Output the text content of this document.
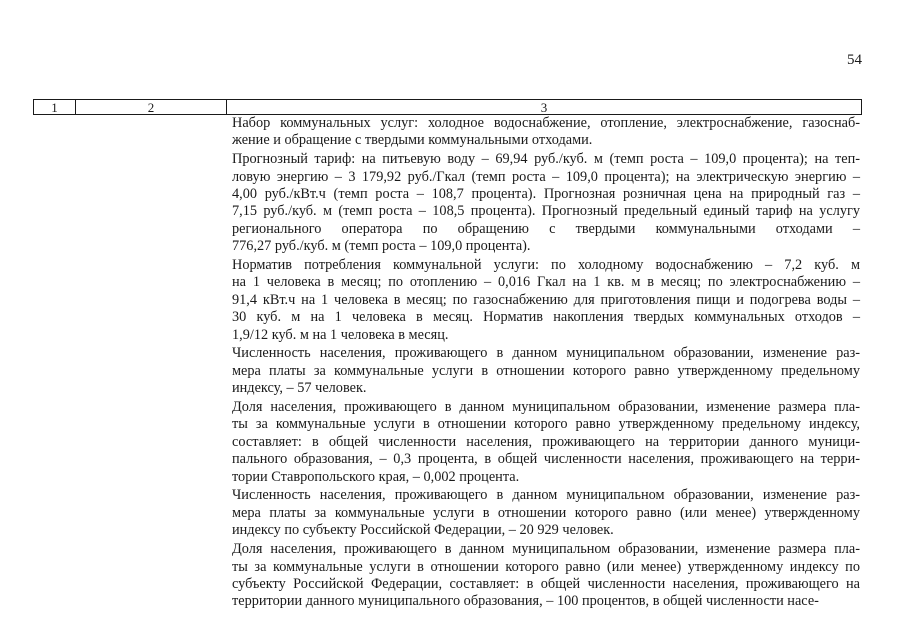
54
1	2	3
Набор коммунальных услуг: холодное водоснабжение, отопление, электроснабжение, газоснаб-
жение и обращение с твердыми коммунальными отходами.
Прогнозный тариф: на питьевую воду – 69,94 руб./куб. м (темп роста – 109,0 процента); на теп-
ловую энергию – 3 179,92 руб./Гкал (темп роста – 109,0 процента); на электрическую энергию –
4,00 руб./кВт.ч (темп роста – 108,7 процента). Прогнозная розничная цена на природный газ –
7,15 руб./куб. м (темп роста – 108,5 процента). Прогнозный предельный единый тариф на услугу
регионального оператора по обращению с твердыми коммунальными отходами –
776,27 руб./куб. м (темп роста – 109,0 процента).
Норматив потребления коммунальной услуги: по холодному водоснабжению – 7,2 куб. м
на 1 человека в месяц; по отоплению – 0,016 Гкал на 1 кв. м в месяц; по электроснабжению –
91,4 кВт.ч на 1 человека в месяц; по газоснабжению для приготовления пищи и подогрева воды –
30 куб. м на 1 человека в месяц. Норматив накопления твердых коммунальных отходов –
1,9/12 куб. м на 1 человека в месяц.
Численность населения, проживающего в данном муниципальном образовании, изменение раз-
мера платы за коммунальные услуги в отношении которого равно утвержденному предельному
индексу, – 57 человек.
Доля населения, проживающего в данном муниципальном образовании, изменение размера пла-
ты за коммунальные услуги в отношении которого равно утвержденному предельному индексу,
составляет: в общей численности населения, проживающего на территории данного муници-
пального образования, – 0,3 процента, в общей численности населения, проживающего на терри-
тории Ставропольского края, – 0,002 процента.
Численность населения, проживающего в данном муниципальном образовании, изменение раз-
мера платы за коммунальные услуги в отношении которого равно (или менее) утвержденному
индексу по субъекту Российской Федерации, – 20 929 человек.
Доля населения, проживающего в данном муниципальном образовании, изменение размера пла-
ты за коммунальные услуги в отношении которого равно (или менее) утвержденному индексу по
субъекту Российской Федерации, составляет: в общей численности населения, проживающего на
территории данного муниципального образования, – 100 процентов, в общей численности насе-
